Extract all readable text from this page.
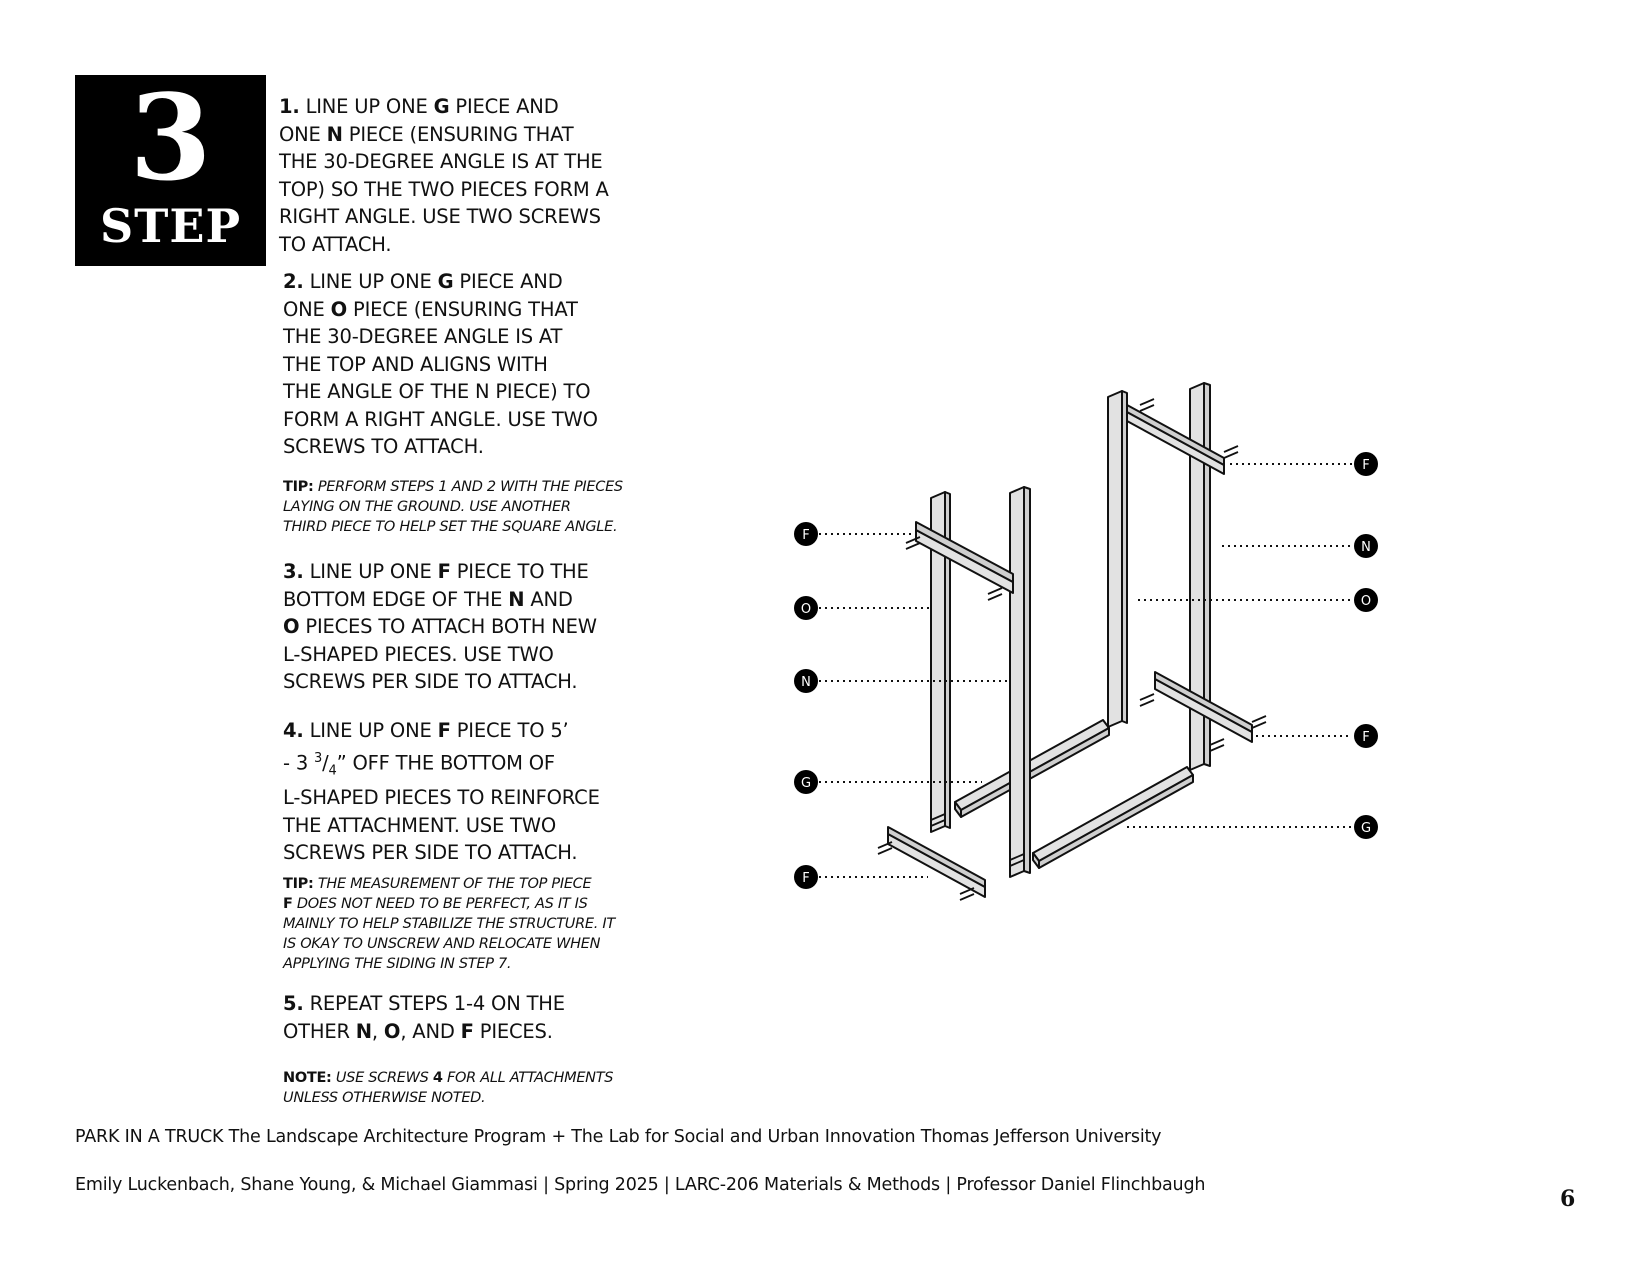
3
STEP

1. LINE UP ONE G PIECE AND
ONE N PIECE (ENSURING THAT
THE 30-DEGREE ANGLE IS AT THE
TOP) SO THE TWO PIECES FORM A
RIGHT ANGLE. USE TWO SCREWS
TO ATTACH.

2. LINE UP ONE G PIECE AND
ONE O PIECE (ENSURING THAT
THE 30-DEGREE ANGLE IS AT
THE TOP AND ALIGNS WITH
THE ANGLE OF THE N PIECE) TO
FORM A RIGHT ANGLE. USE TWO
SCREWS TO ATTACH.

TIP: PERFORM STEPS 1 AND 2 WITH THE PIECES
LAYING ON THE GROUND. USE ANOTHER
THIRD PIECE TO HELP SET THE SQUARE ANGLE.

3. LINE UP ONE F PIECE TO THE
BOTTOM EDGE OF THE N AND
O PIECES TO ATTACH BOTH NEW
L-SHAPED PIECES. USE TWO
SCREWS PER SIDE TO ATTACH.

4. LINE UP ONE F PIECE TO 5’
- 3 $^3/_4$” OFF THE BOTTOM OF
L-SHAPED PIECES TO REINFORCE
THE ATTACHMENT. USE TWO
SCREWS PER SIDE TO ATTACH.

TIP: THE MEASUREMENT OF THE TOP PIECE
F DOES NOT NEED TO BE PERFECT, AS IT IS
MAINLY TO HELP STABILIZE THE STRUCTURE. IT
IS OKAY TO UNSCREW AND RELOCATE WHEN
APPLYING THE SIDING IN STEP 7.

5. REPEAT STEPS 1-4 ON THE
OTHER N, O, AND F PIECES.

NOTE: USE SCREWS 4 FOR ALL ATTACHMENTS
UNLESS OTHERWISE NOTED.

F
O
N
G
F
F
N
O
F
G

PARK IN A TRUCK The Landscape Architecture Program + The Lab for Social and Urban Innovation Thomas Jefferson University

Emily Luckenbach, Shane Young, & Michael Giammasi | Spring 2025 | LARC-206 Materials & Methods | Professor Daniel Flinchbaugh

6
